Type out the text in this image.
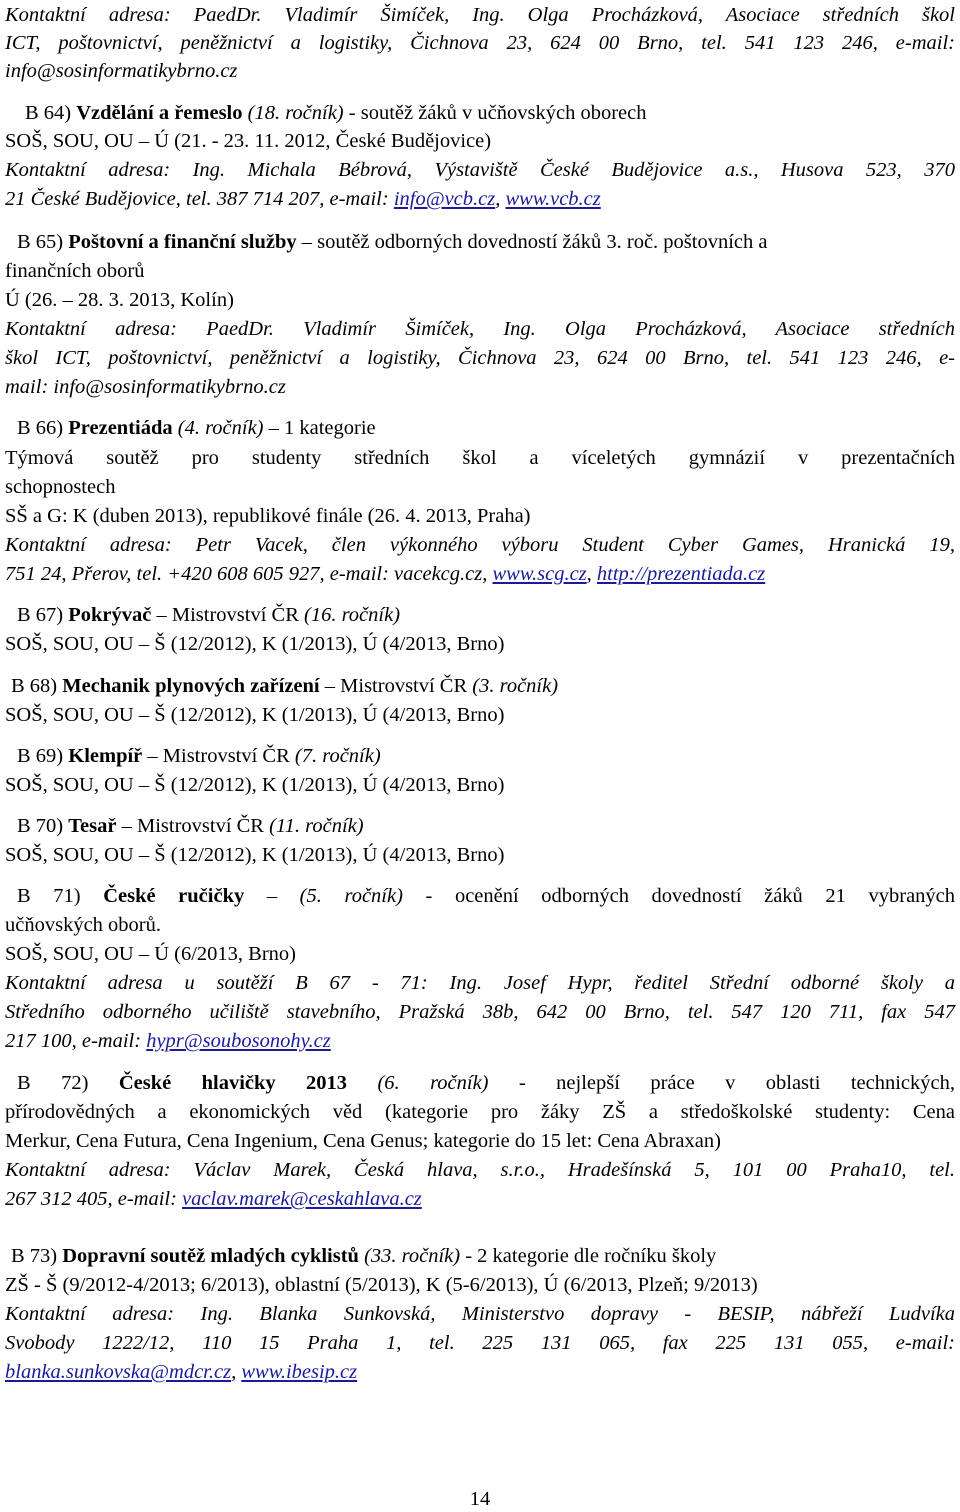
Kontaktní adresa: PaedDr. Vladimír Šimíček, Ing. Olga Procházková, Asociace středních škol
ICT, poštovnictví, peněžnictví a logistiky, Čichnova 23, 624 00 Brno, tel. 541 123 246, e-mail:
info@sosinformatikybrno.cz
B 64) Vzdělání a řemeslo (18. ročník) - soutěž žáků v učňovských oborech
SOŠ, SOU, OU – Ú (21. - 23. 11. 2012, České Budějovice)
Kontaktní adresa: Ing. Michala Bébrová, Výstaviště České Budějovice a.s., Husova 523, 370
21 České Budějovice, tel. 387 714 207, e-mail: info@vcb.cz, www.vcb.cz
B 65) Poštovní a finanční služby – soutěž odborných dovedností žáků 3. roč. poštovních a
finančních oborů
Ú (26. – 28. 3. 2013, Kolín)
Kontaktní adresa: PaedDr. Vladimír Šimíček, Ing. Olga Procházková, Asociace středních
škol ICT, poštovnictví, peněžnictví a logistiky, Čichnova 23, 624 00 Brno, tel. 541 123 246, e-
mail: info@sosinformatikybrno.cz
B 66) Prezentiáda (4. ročník) – 1 kategorie
Týmová soutěž pro studenty středních škol a víceletých gymnázií v prezentačních
schopnostech
SŠ a G: K (duben 2013), republikové finále (26. 4. 2013, Praha)
Kontaktní adresa: Petr Vacek, člen výkonného výboru Student Cyber Games, Hranická 19,
751 24, Přerov, tel. +420 608 605 927, e-mail: vacekcg.cz, www.scg.cz, http://prezentiada.cz
B 67) Pokrývač – Mistrovství ČR (16. ročník)
SOŠ, SOU, OU – Š (12/2012), K (1/2013), Ú (4/2013, Brno)
B 68) Mechanik plynových zařízení – Mistrovství ČR (3. ročník)
SOŠ, SOU, OU – Š (12/2012), K (1/2013), Ú (4/2013, Brno)
B 69) Klempíř – Mistrovství ČR (7. ročník)
SOŠ, SOU, OU – Š (12/2012), K (1/2013), Ú (4/2013, Brno)
B 70) Tesař – Mistrovství ČR (11. ročník)
SOŠ, SOU, OU – Š (12/2012), K (1/2013), Ú (4/2013, Brno)
B 71) České ručičky – (5. ročník) - ocenění odborných dovedností žáků 21 vybraných
učňovských oborů.
SOŠ, SOU, OU – Ú (6/2013, Brno)
Kontaktní adresa u soutěží B 67 - 71: Ing. Josef Hypr, ředitel Střední odborné školy a
Středního odborného učiliště stavebního, Pražská 38b, 642 00 Brno, tel. 547 120 711, fax 547
217 100, e-mail: hypr@soubosonohy.cz
B 72) České hlavičky 2013 (6. ročník) - nejlepší práce v oblasti technických,
přírodovědných a ekonomických věd (kategorie pro žáky ZŠ a středoškolské studenty: Cena
Merkur, Cena Futura, Cena Ingenium, Cena Genus; kategorie do 15 let: Cena Abraxan)
Kontaktní adresa: Václav Marek, Česká hlava, s.r.o., Hradešínská 5, 101 00 Praha10, tel.
267 312 405, e-mail: vaclav.marek@ceskahlava.cz
B 73) Dopravní soutěž mladých cyklistů (33. ročník) - 2 kategorie dle ročníku školy
ZŠ - Š (9/2012-4/2013; 6/2013), oblastní (5/2013), K (5-6/2013), Ú (6/2013, Plzeň; 9/2013)
Kontaktní adresa: Ing. Blanka Sunkovská, Ministerstvo dopravy - BESIP, nábřeží Ludvíka
Svobody 1222/12, 110 15 Praha 1, tel. 225 131 065, fax 225 131 055, e-mail:
blanka.sunkovska@mdcr.cz, www.ibesip.cz
14
